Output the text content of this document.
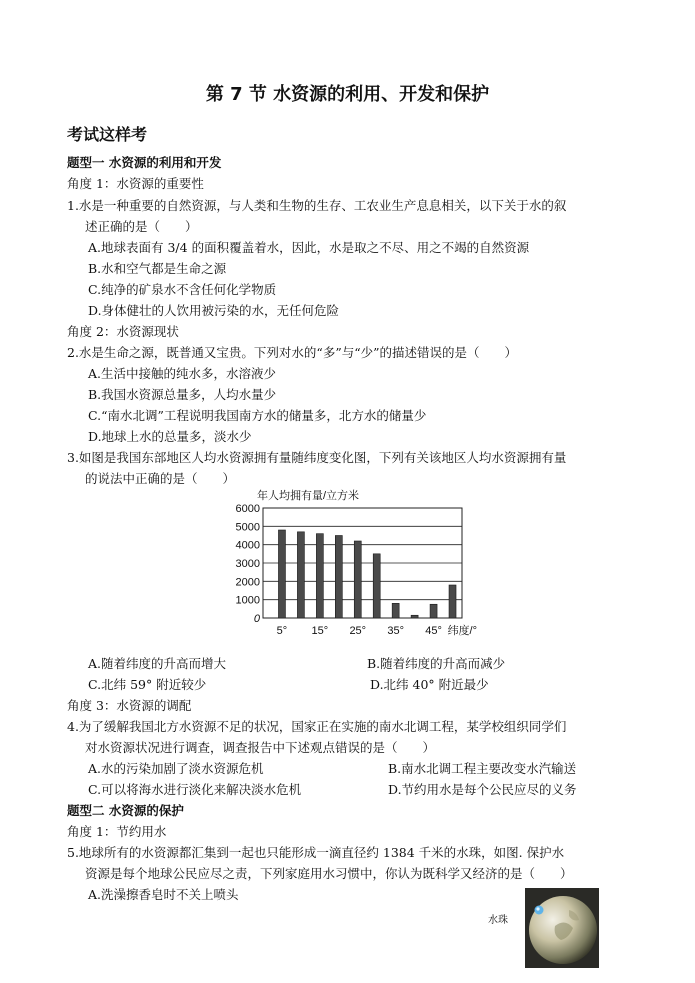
第 7 节 水资源的利用、开发和保护
考试这样考
题型一 水资源的利用和开发
角度 1：水资源的重要性
1.水是一种重要的自然资源，与人类和生物的生存、工农业生产息息相关，以下关于水的叙
述正确的是（　　）
A.地球表面有 3/4 的面积覆盖着水，因此，水是取之不尽、用之不竭的自然资源
B.水和空气都是生命之源
C.纯净的矿泉水不含任何化学物质
D.身体健壮的人饮用被污染的水，无任何危险
角度 2：水资源现状
2.水是生命之源，既普通又宝贵。下列对水的“多”与“少”的描述错误的是（　　）
A.生活中接触的纯水多，水溶液少
B.我国水资源总量多，人均水量少
C.“南水北调”工程说明我国南方水的储量多，北方水的储量少
D.地球上水的总量多，淡水少
3.如图是我国东部地区人均水资源拥有量随纬度变化图，下列有关该地区人均水资源拥有量
的说法中正确的是（　　）
年人均拥有量/立方米
6000
5000
4000
3000
2000
1000
0
5° 15° 25° 35° 45° 纬度/°
A.随着纬度的升高而增大	B.随着纬度的升高而减少
C.北纬 59° 附近较少	D.北纬 40° 附近最少
角度 3：水资源的调配
4.为了缓解我国北方水资源不足的状况，国家正在实施的南水北调工程，某学校组织同学们
对水资源状况进行调查，调查报告中下述观点错误的是（　　）
A.水的污染加剧了淡水资源危机	B.南水北调工程主要改变水汽输送
C.可以将海水进行淡化来解决淡水危机	D.节约用水是每个公民应尽的义务
题型二 水资源的保护
角度 1：节约用水
5.地球所有的水资源都汇集到一起也只能形成一滴直径约 1384 千米的水珠，如图. 保护水
资源是每个地球公民应尽之责，下列家庭用水习惯中，你认为既科学又经济的是（　　）
A.洗澡擦香皂时不关上喷头
水珠
